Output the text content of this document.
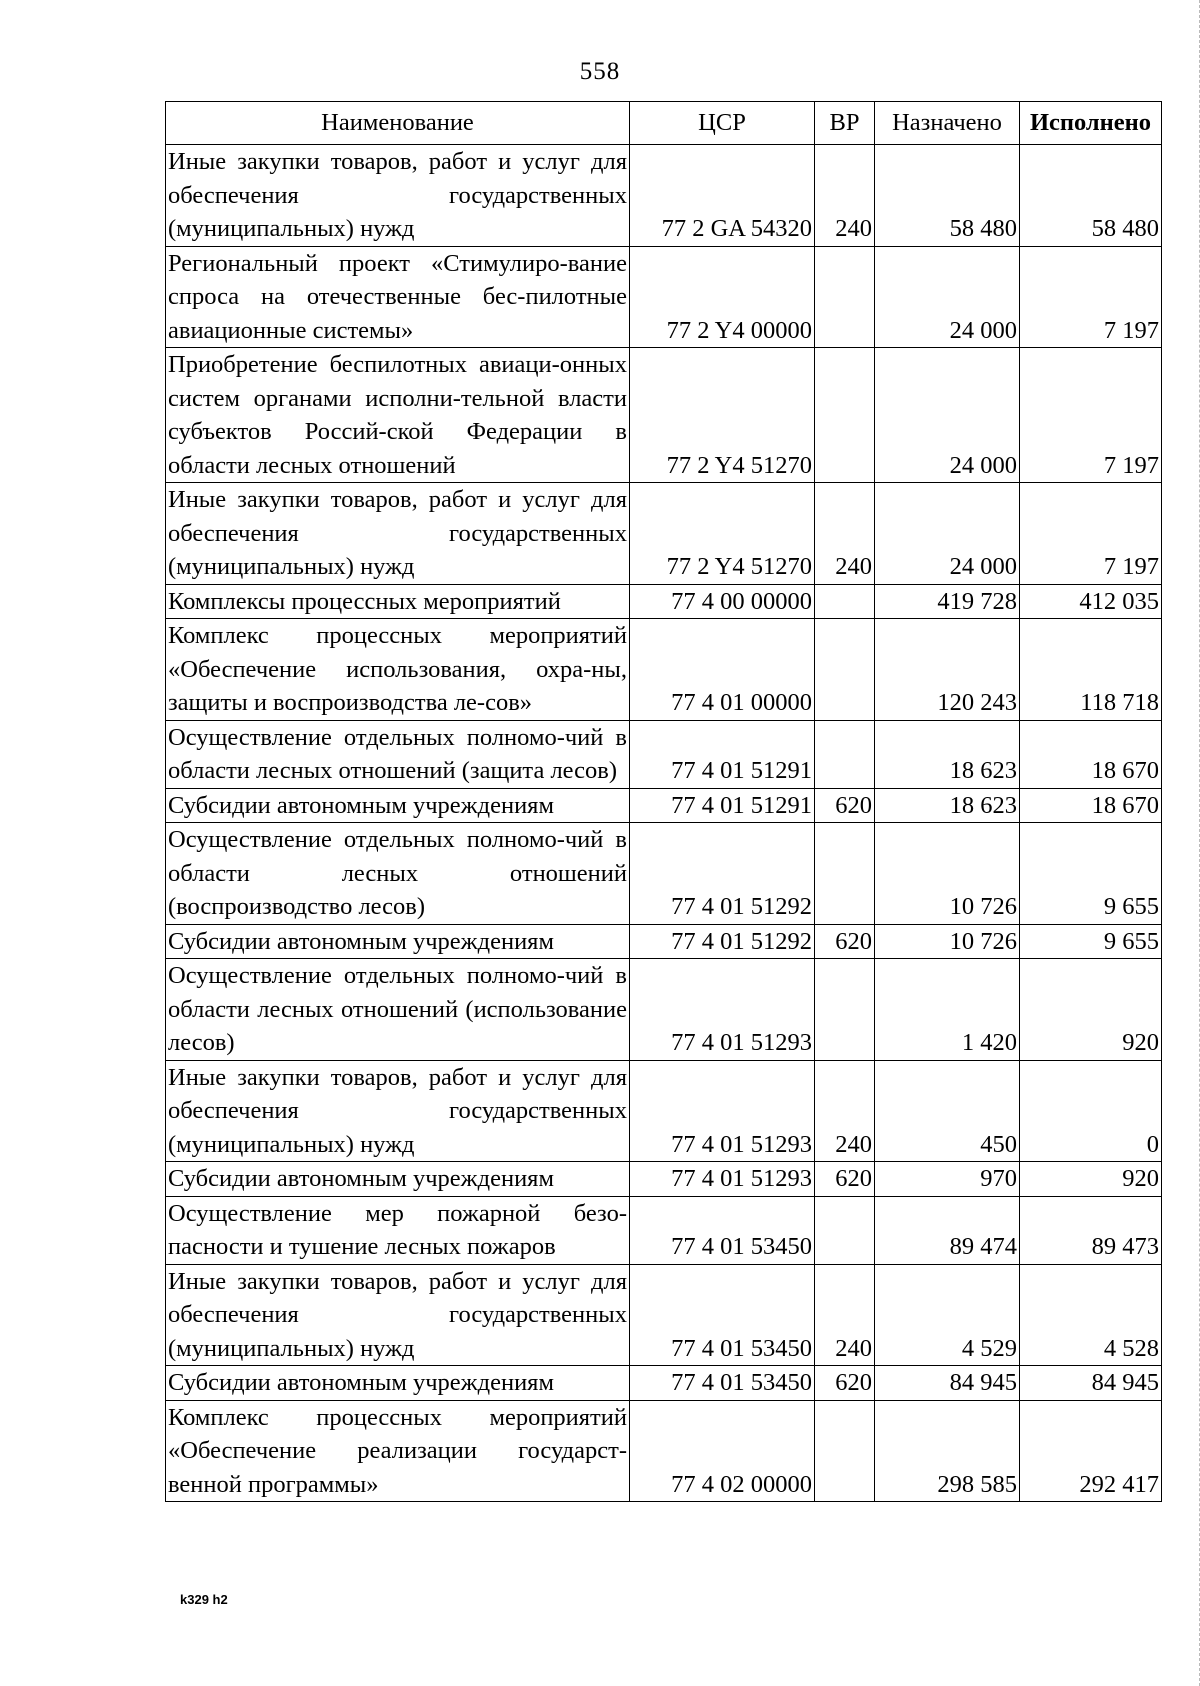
558
Наименование	ЦСР	ВР	Назначено	Исполнено
Иные закупки товаров, работ и услуг для обеспечения государственных (муниципальных) нужд	77 2 GA 54320	240	58 480	58 480
Региональный проект «Стимулиро-вание спроса на отечественные бес-пилотные авиационные системы»	77 2 Y4 00000		24 000	7 197
Приобретение беспилотных авиаци-онных систем органами исполни-тельной власти субъектов Россий-ской Федерации в области лесных отношений	77 2 Y4 51270		24 000	7 197
Иные закупки товаров, работ и услуг для обеспечения государственных (муниципальных) нужд	77 2 Y4 51270	240	24 000	7 197
Комплексы процессных мероприятий	77 4 00 00000		419 728	412 035
Комплекс процессных мероприятий «Обеспечение использования, охра-ны, защиты и воспроизводства ле-сов»	77 4 01 00000		120 243	118 718
Осуществление отдельных полномо-чий в области лесных отношений (защита лесов)	77 4 01 51291		18 623	18 670
Субсидии автономным учреждениям	77 4 01 51291	620	18 623	18 670
Осуществление отдельных полномо-чий в области лесных отношений (воспроизводство лесов)	77 4 01 51292		10 726	9 655
Субсидии автономным учреждениям	77 4 01 51292	620	10 726	9 655
Осуществление отдельных полномо-чий в области лесных отношений (использование лесов)	77 4 01 51293		1 420	920
Иные закупки товаров, работ и услуг для обеспечения государственных (муниципальных) нужд	77 4 01 51293	240	450	0
Субсидии автономным учреждениям	77 4 01 51293	620	970	920
Осуществление мер пожарной безо-пасности и тушение лесных пожаров	77 4 01 53450		89 474	89 473
Иные закупки товаров, работ и услуг для обеспечения государственных (муниципальных) нужд	77 4 01 53450	240	4 529	4 528
Субсидии автономным учреждениям	77 4 01 53450	620	84 945	84 945
Комплекс процессных мероприятий «Обеспечение реализации государст-венной программы»	77 4 02 00000		298 585	292 417
k329 h2
